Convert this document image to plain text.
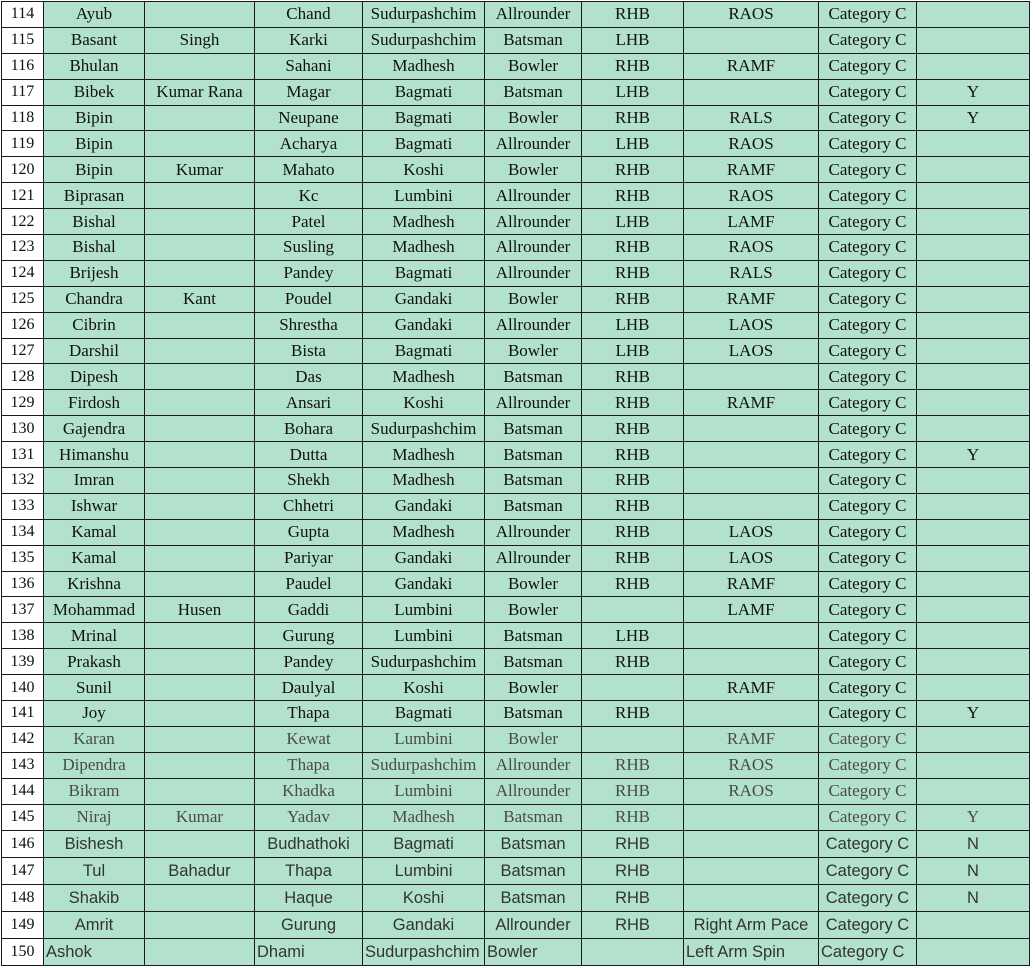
114	Ayub		Chand	Sudurpashchim	Allrounder	RHB	RAOS	Category C	
115	Basant	Singh	Karki	Sudurpashchim	Batsman	LHB		Category C	
116	Bhulan		Sahani	Madhesh	Bowler	RHB	RAMF	Category C	
117	Bibek	Kumar Rana	Magar	Bagmati	Batsman	LHB		Category C	Y
118	Bipin		Neupane	Bagmati	Bowler	RHB	RALS	Category C	Y
119	Bipin		Acharya	Bagmati	Allrounder	LHB	RAOS	Category C	
120	Bipin	Kumar	Mahato	Koshi	Bowler	RHB	RAMF	Category C	
121	Biprasan		Kc	Lumbini	Allrounder	RHB	RAOS	Category C	
122	Bishal		Patel	Madhesh	Allrounder	LHB	LAMF	Category C	
123	Bishal		Susling	Madhesh	Allrounder	RHB	RAOS	Category C	
124	Brijesh		Pandey	Bagmati	Allrounder	RHB	RALS	Category C	
125	Chandra	Kant	Poudel	Gandaki	Bowler	RHB	RAMF	Category C	
126	Cibrin		Shrestha	Gandaki	Allrounder	LHB	LAOS	Category C	
127	Darshil		Bista	Bagmati	Bowler	LHB	LAOS	Category C	
128	Dipesh		Das	Madhesh	Batsman	RHB		Category C	
129	Firdosh		Ansari	Koshi	Allrounder	RHB	RAMF	Category C	
130	Gajendra		Bohara	Sudurpashchim	Batsman	RHB		Category C	
131	Himanshu		Dutta	Madhesh	Batsman	RHB		Category C	Y
132	Imran		Shekh	Madhesh	Batsman	RHB		Category C	
133	Ishwar		Chhetri	Gandaki	Batsman	RHB		Category C	
134	Kamal		Gupta	Madhesh	Allrounder	RHB	LAOS	Category C	
135	Kamal		Pariyar	Gandaki	Allrounder	RHB	LAOS	Category C	
136	Krishna		Paudel	Gandaki	Bowler	RHB	RAMF	Category C	
137	Mohammad	Husen	Gaddi	Lumbini	Bowler		LAMF	Category C	
138	Mrinal		Gurung	Lumbini	Batsman	LHB		Category C	
139	Prakash		Pandey	Sudurpashchim	Batsman	RHB		Category C	
140	Sunil		Daulyal	Koshi	Bowler		RAMF	Category C	
141	Joy		Thapa	Bagmati	Batsman	RHB		Category C	Y
142	Karan		Kewat	Lumbini	Bowler		RAMF	Category C	
143	Dipendra		Thapa	Sudurpashchim	Allrounder	RHB	RAOS	Category C	
144	Bikram		Khadka	Lumbini	Allrounder	RHB	RAOS	Category C	
145	Niraj	Kumar	Yadav	Madhesh	Batsman	RHB		Category C	Y
146	Bishesh		Budhathoki	Bagmati	Batsman	RHB		Category C	N
147	Tul	Bahadur	Thapa	Lumbini	Batsman	RHB		Category C	N
148	Shakib		Haque	Koshi	Batsman	RHB		Category C	N
149	Amrit		Gurung	Gandaki	Allrounder	RHB	Right Arm Pace	Category C	
150	Ashok		Dhami	Sudurpashchim	Bowler		Left Arm Spin	Category C	
